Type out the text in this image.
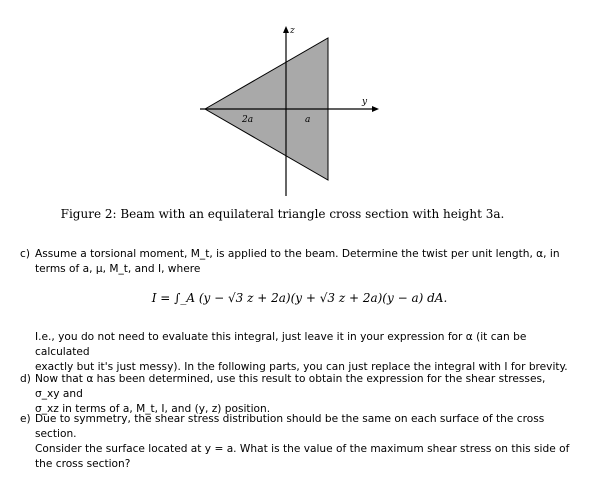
z
y
2a	a
Figure 2: Beam with an equilateral triangle cross section with height 3a.
c) Assume a torsional moment, M_t, is applied to the beam. Determine the twist per unit length, α, in
terms of a, μ, M_t, and I, where
I = ∫_A (y − √3 z + 2a)(y + √3 z + 2a)(y − a) dA.
I.e., you do not need to evaluate this integral, just leave it in your expression for α (it can be calculated
exactly but it's just messy). In the following parts, you can just replace the integral with I for brevity.
d) Now that α has been determined, use this result to obtain the expression for the shear stresses, σ_xy and
σ_xz in terms of a, M_t, I, and (y, z) position.
e) Due to symmetry, the shear stress distribution should be the same on each surface of the cross section.
Consider the surface located at y = a. What is the value of the maximum shear stress on this side of
the cross section?
